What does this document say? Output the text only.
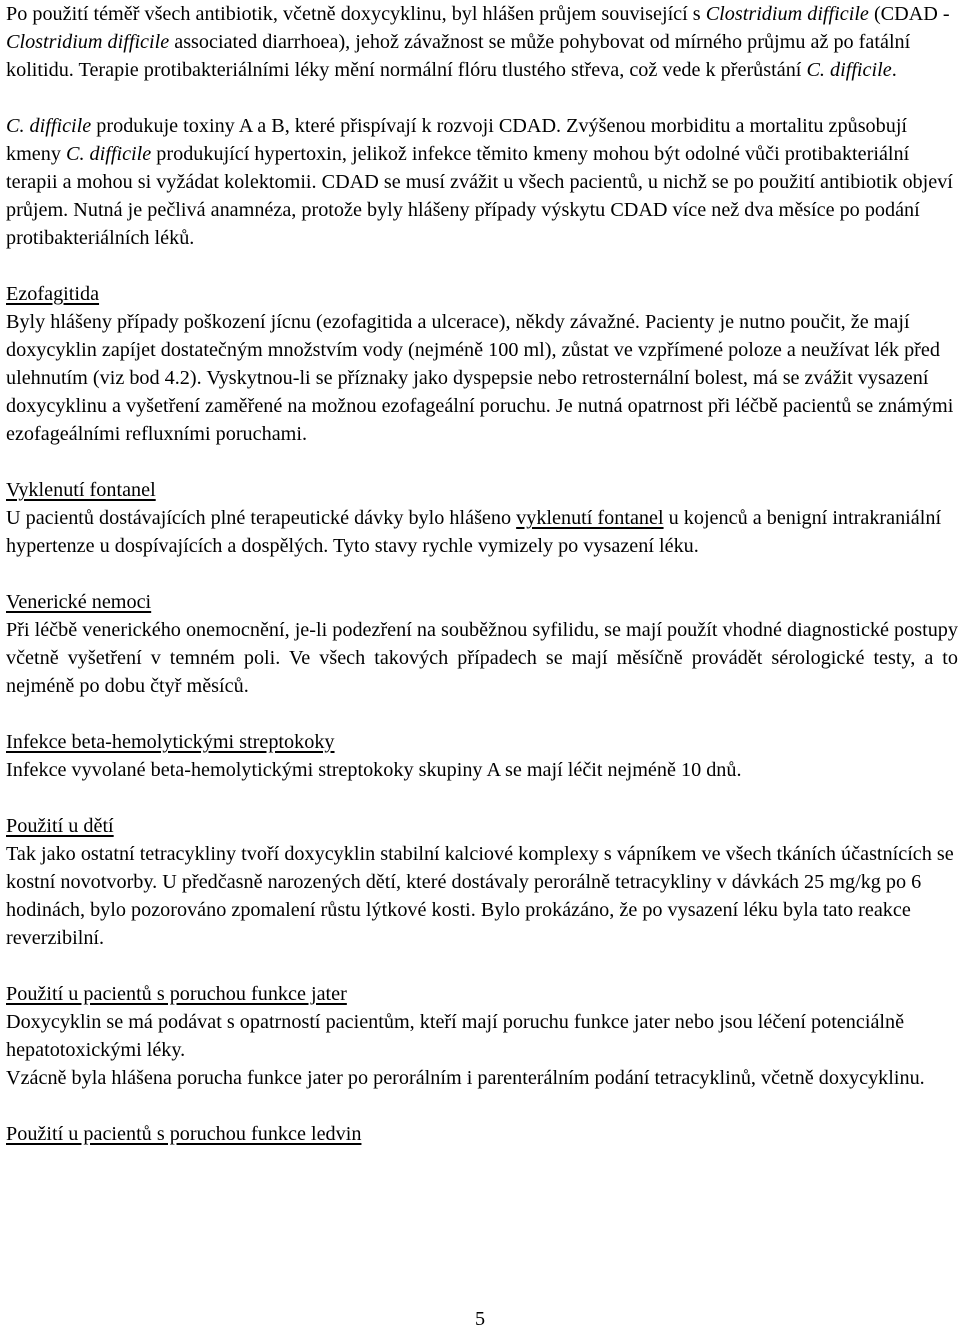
Po použití téměř všech antibiotik, včetně doxycyklinu, byl hlášen průjem související s Clostridium difficile (CDAD - Clostridium difficile associated diarrhoea), jehož závažnost se může pohybovat od mírného průjmu až po fatální kolitidu. Terapie protibakteriálními léky mění normální flóru tlustého střeva, což vede k přerůstání C. difficile.

C. difficile produkuje toxiny A a B, které přispívají k rozvoji CDAD. Zvýšenou morbiditu a mortalitu způsobují kmeny C. difficile produkující hypertoxin, jelikož infekce těmito kmeny mohou být odolné vůči protibakteriální terapii a mohou si vyžádat kolektomii. CDAD se musí zvážit u všech pacientů, u nichž se po použití antibiotik objeví průjem. Nutná je pečlivá anamnéza, protože byly hlášeny případy výskytu CDAD více než dva měsíce po podání protibakteriálních léků.

Ezofagitida

Byly hlášeny případy poškození jícnu (ezofagitida a ulcerace), někdy závažné. Pacienty je nutno poučit, že mají doxycyklin zapíjet dostatečným množstvím vody (nejméně 100 ml), zůstat ve vzpřímené poloze a neužívat lék před ulehnutím (viz bod 4.2). Vyskytnou-li se příznaky jako dyspepsie nebo retrosternální bolest, má se zvážit vysazení doxycyklinu a vyšetření zaměřené na možnou ezofageální poruchu. Je nutná opatrnost při léčbě pacientů se známými ezofageálními refluxními poruchami.

Vyklenutí fontanel

U pacientů dostávajících plné terapeutické dávky bylo hlášeno vyklenutí fontanel u kojenců a benigní intrakraniální hypertenze u dospívajících a dospělých. Tyto stavy rychle vymizely po vysazení léku.

Venerické nemoci

Při léčbě venerického onemocnění, je-li podezření na souběžnou syfilidu, se mají použít vhodné diagnostické postupy včetně vyšetření v temném poli. Ve všech takových případech se mají měsíčně provádět sérologické testy, a to nejméně po dobu čtyř měsíců.

Infekce beta-hemolytickými streptokoky

Infekce vyvolané beta-hemolytickými streptokoky skupiny A se mají léčit nejméně 10 dnů.

Použití u dětí

Tak jako ostatní tetracykliny tvoří doxycyklin stabilní kalciové komplexy s vápníkem ve všech tkáních účastnících se kostní novotvorby. U předčasně narozených dětí, které dostávaly perorálně tetracykliny v dávkách 25 mg/kg po 6 hodinách, bylo pozorováno zpomalení růstu lýtkové kosti. Bylo prokázáno, že po vysazení léku byla tato reakce reverzibilní.

Použití u pacientů s poruchou funkce jater

Doxycyklin se má podávat s opatrností pacientům, kteří mají poruchu funkce jater nebo jsou léčení potenciálně hepatotoxickými léky.

Vzácně byla hlášena porucha funkce jater po perorálním i parenterálním podání tetracyklinů, včetně doxycyklinu.

Použití u pacientů s poruchou funkce ledvin

5
